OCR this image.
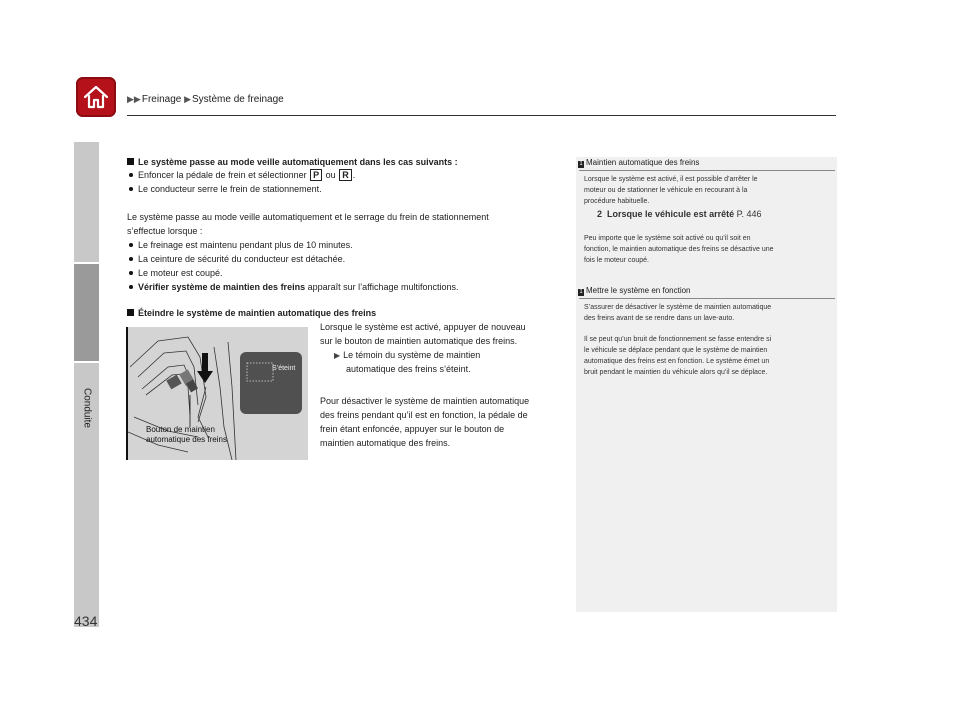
▶▶Freinage ▶Système de freinage
Conduite
434
Le système passe au mode veille automatiquement dans les cas suivants :
Enfoncer la pédale de frein et sélectionner P ou R .
Le conducteur serre le frein de stationnement.
Le système passe au mode veille automatiquement et le serrage du frein de stationnement
s’effectue lorsque :
Le freinage est maintenu pendant plus de 10 minutes.
La ceinture de sécurité du conducteur est détachée.
Le moteur est coupé.
Vérifier système de maintien des freins apparaît sur l’affichage multifonctions.
Éteindre le système de maintien automatique des freins
Lorsque le système est activé, appuyer de nouveau
sur le bouton de maintien automatique des freins.
▶ Le témoin du système de maintien
automatique des freins s’éteint.
Pour désactiver le système de maintien automatique
des freins pendant qu’il est en fonction, la pédale de
frein étant enfoncée, appuyer sur le bouton de
maintien automatique des freins.
S’éteint
Bouton de maintien
automatique des freins
1 Maintien automatique des freins
Lorsque le système est activé, il est possible d’arrêter le
moteur ou de stationner le véhicule en recourant à la
procédure habituelle.
2 Lorsque le véhicule est arrêté P. 446
Peu importe que le système soit activé ou qu’il soit en
fonction, le maintien automatique des freins se désactive une
fois le moteur coupé.
1 Mettre le système en fonction
S’assurer de désactiver le système de maintien automatique
des freins avant de se rendre dans un lave-auto.
Il se peut qu’un bruit de fonctionnement se fasse entendre si
le véhicule se déplace pendant que le système de maintien
automatique des freins est en fonction. Le système émet un
bruit pendant le maintien du véhicule alors qu’il se déplace.
